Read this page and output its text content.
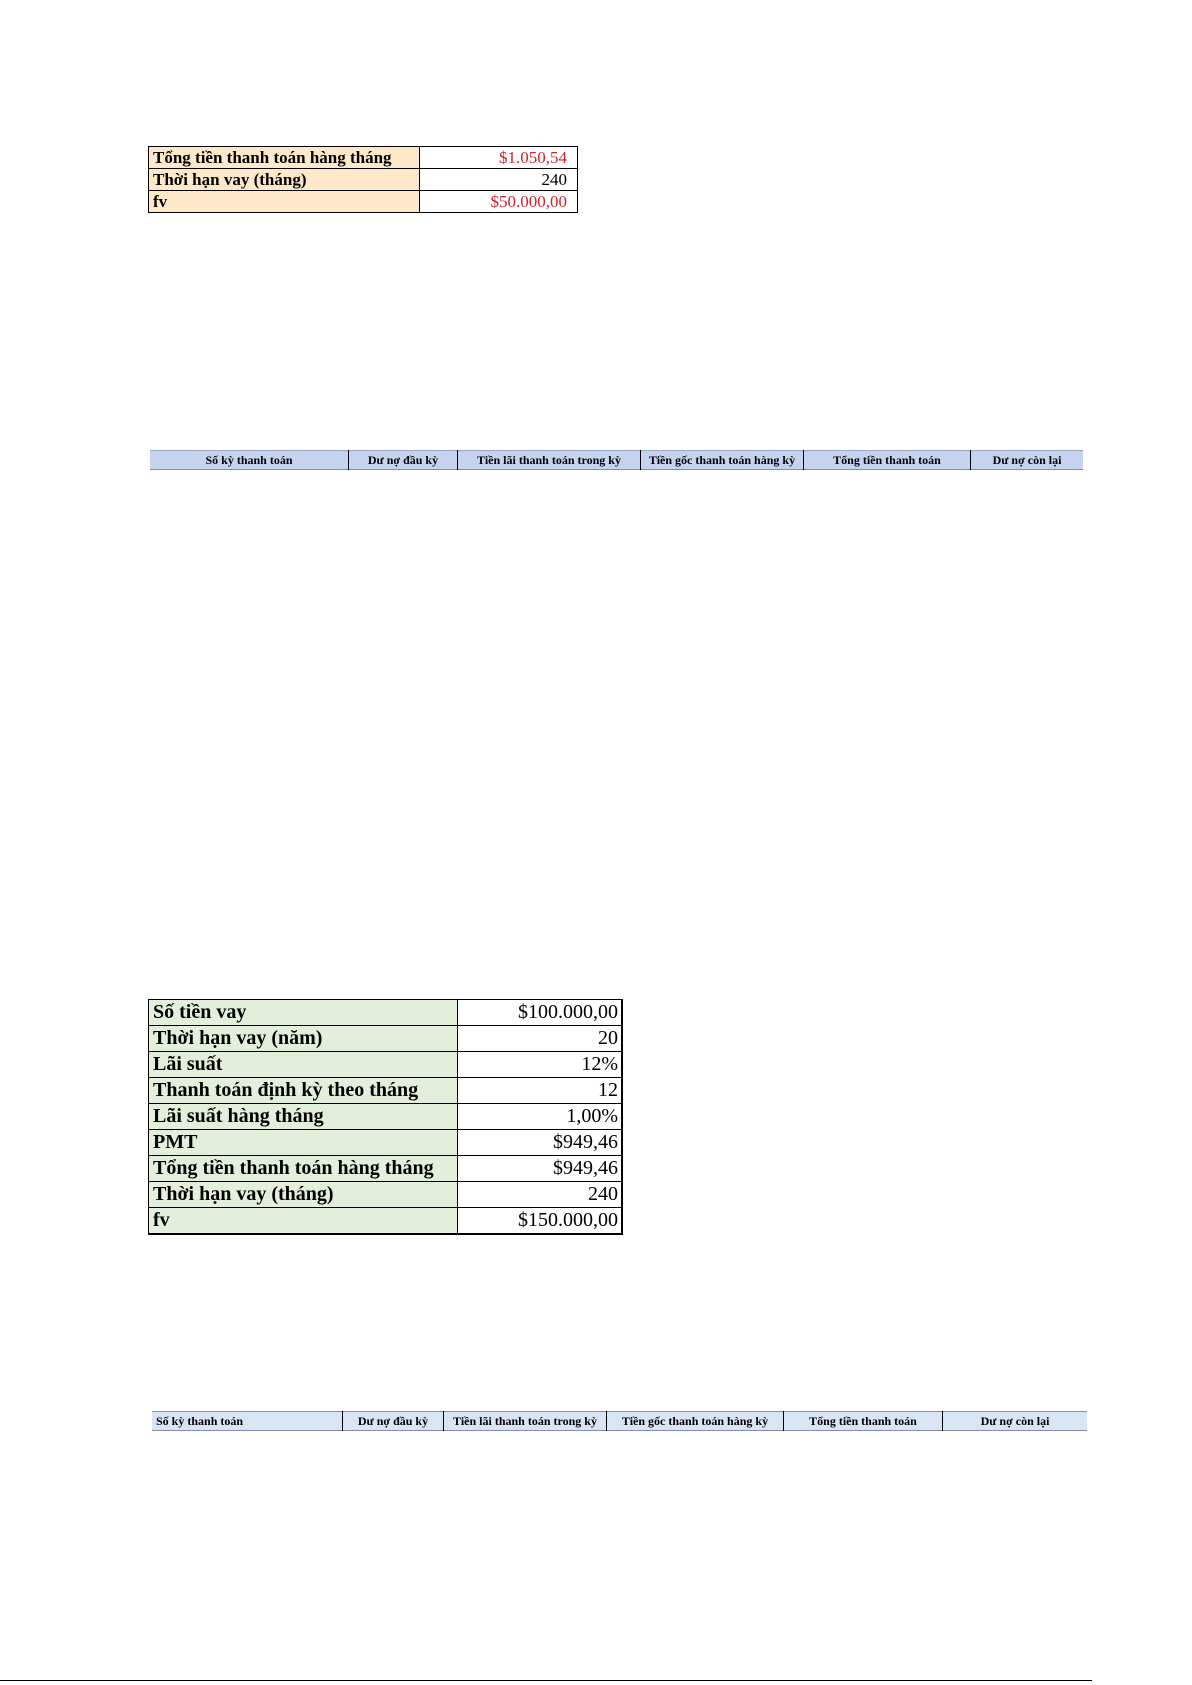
Tổng tiền thanh toán hàng tháng	$1.050,54
Thời hạn vay (tháng)	240
fv	$50.000,00
Số kỳ thanh toán	Dư nợ đầu kỳ	Tiền lãi thanh toán trong kỳ	Tiền gốc thanh toán hàng kỳ	Tổng tiền thanh toán	Dư nợ còn lại
Số tiền vay	$100.000,00
Thời hạn vay (năm)	20
Lãi suất	12%
Thanh toán định kỳ theo tháng	12
Lãi suất hàng tháng	1,00%
PMT	$949,46
Tổng tiền thanh toán hàng tháng	$949,46
Thời hạn vay (tháng)	240
fv	$150.000,00
Số kỳ thanh toán	Dư nợ đầu kỳ	Tiền lãi thanh toán trong kỳ	Tiền gốc thanh toán hàng kỳ	Tổng tiền thanh toán	Dư nợ còn lại
